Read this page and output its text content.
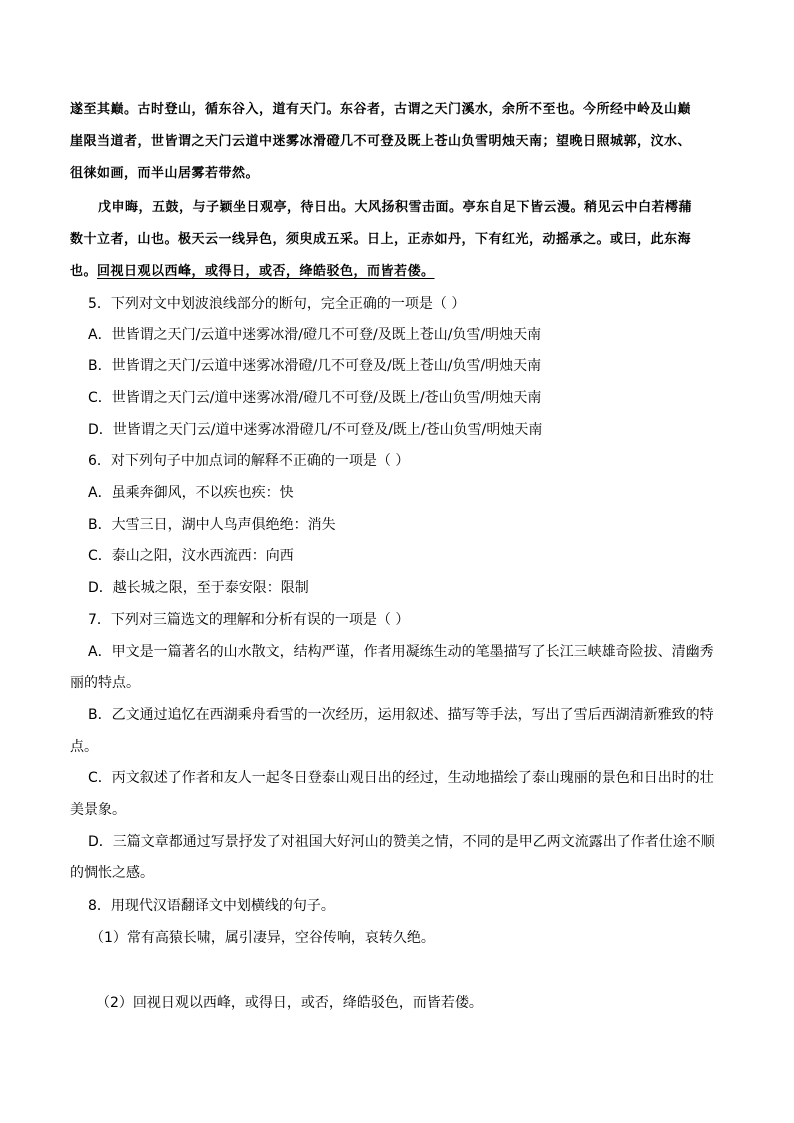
遂至其巅。古时登山，循东谷入，道有天门。东谷者，古谓之天门溪水，余所不至也。今所经中岭及山巅
崖限当道者，世皆谓之天门云道中迷雾冰滑磴几不可登及既上苍山负雪明烛天南；望晚日照城郭，汶水、
徂徕如画，而半山居雾若带然。
戊申晦，五鼓，与子颖坐日观亭，待日出。大风扬积雪击面。亭东自足下皆云漫。稍见云中白若樗蒱
数十立者，山也。极天云一线异色，须臾成五采。日上，正赤如丹，下有红光，动摇承之。或曰，此东海
也。回视日观以西峰，或得日，或否，绛皓驳色，而皆若偻。
5．下列对文中划波浪线部分的断句，完全正确的一项是（ ）
A．世皆谓之天门/云道中迷雾冰滑/磴几不可登/及既上苍山/负雪/明烛天南
B．世皆谓之天门/云道中迷雾冰滑磴/几不可登及/既上苍山/负雪/明烛天南
C．世皆谓之天门云/道中迷雾冰滑/磴几不可登/及既上/苍山负雪/明烛天南
D．世皆谓之天门云/道中迷雾冰滑磴几/不可登及/既上/苍山负雪/明烛天南
6．对下列句子中加点词的解释不正确的一项是（ ）
A．虽乘奔御风，不以疾也疾：快
B．大雪三日，湖中人鸟声俱绝绝：消失
C．泰山之阳，汶水西流西：向西
D．越长城之限，至于泰安限：限制
7．下列对三篇选文的理解和分析有误的一项是（ ）
A．甲文是一篇著名的山水散文，结构严谨，作者用凝练生动的笔墨描写了长江三峡雄奇险拔、清幽秀
丽的特点。
B．乙文通过追忆在西湖乘舟看雪的一次经历，运用叙述、描写等手法，写出了雪后西湖清新雅致的特
点。
C．丙文叙述了作者和友人一起冬日登泰山观日出的经过，生动地描绘了泰山瑰丽的景色和日出时的壮
美景象。
D．三篇文章都通过写景抒发了对祖国大好河山的赞美之情，不同的是甲乙两文流露出了作者仕途不顺
的惆怅之感。
8．用现代汉语翻译文中划横线的句子。
（1）常有高猿长啸，属引凄异，空谷传响，哀转久绝。
（2）回视日观以西峰，或得日，或否，绛皓驳色，而皆若偻。
